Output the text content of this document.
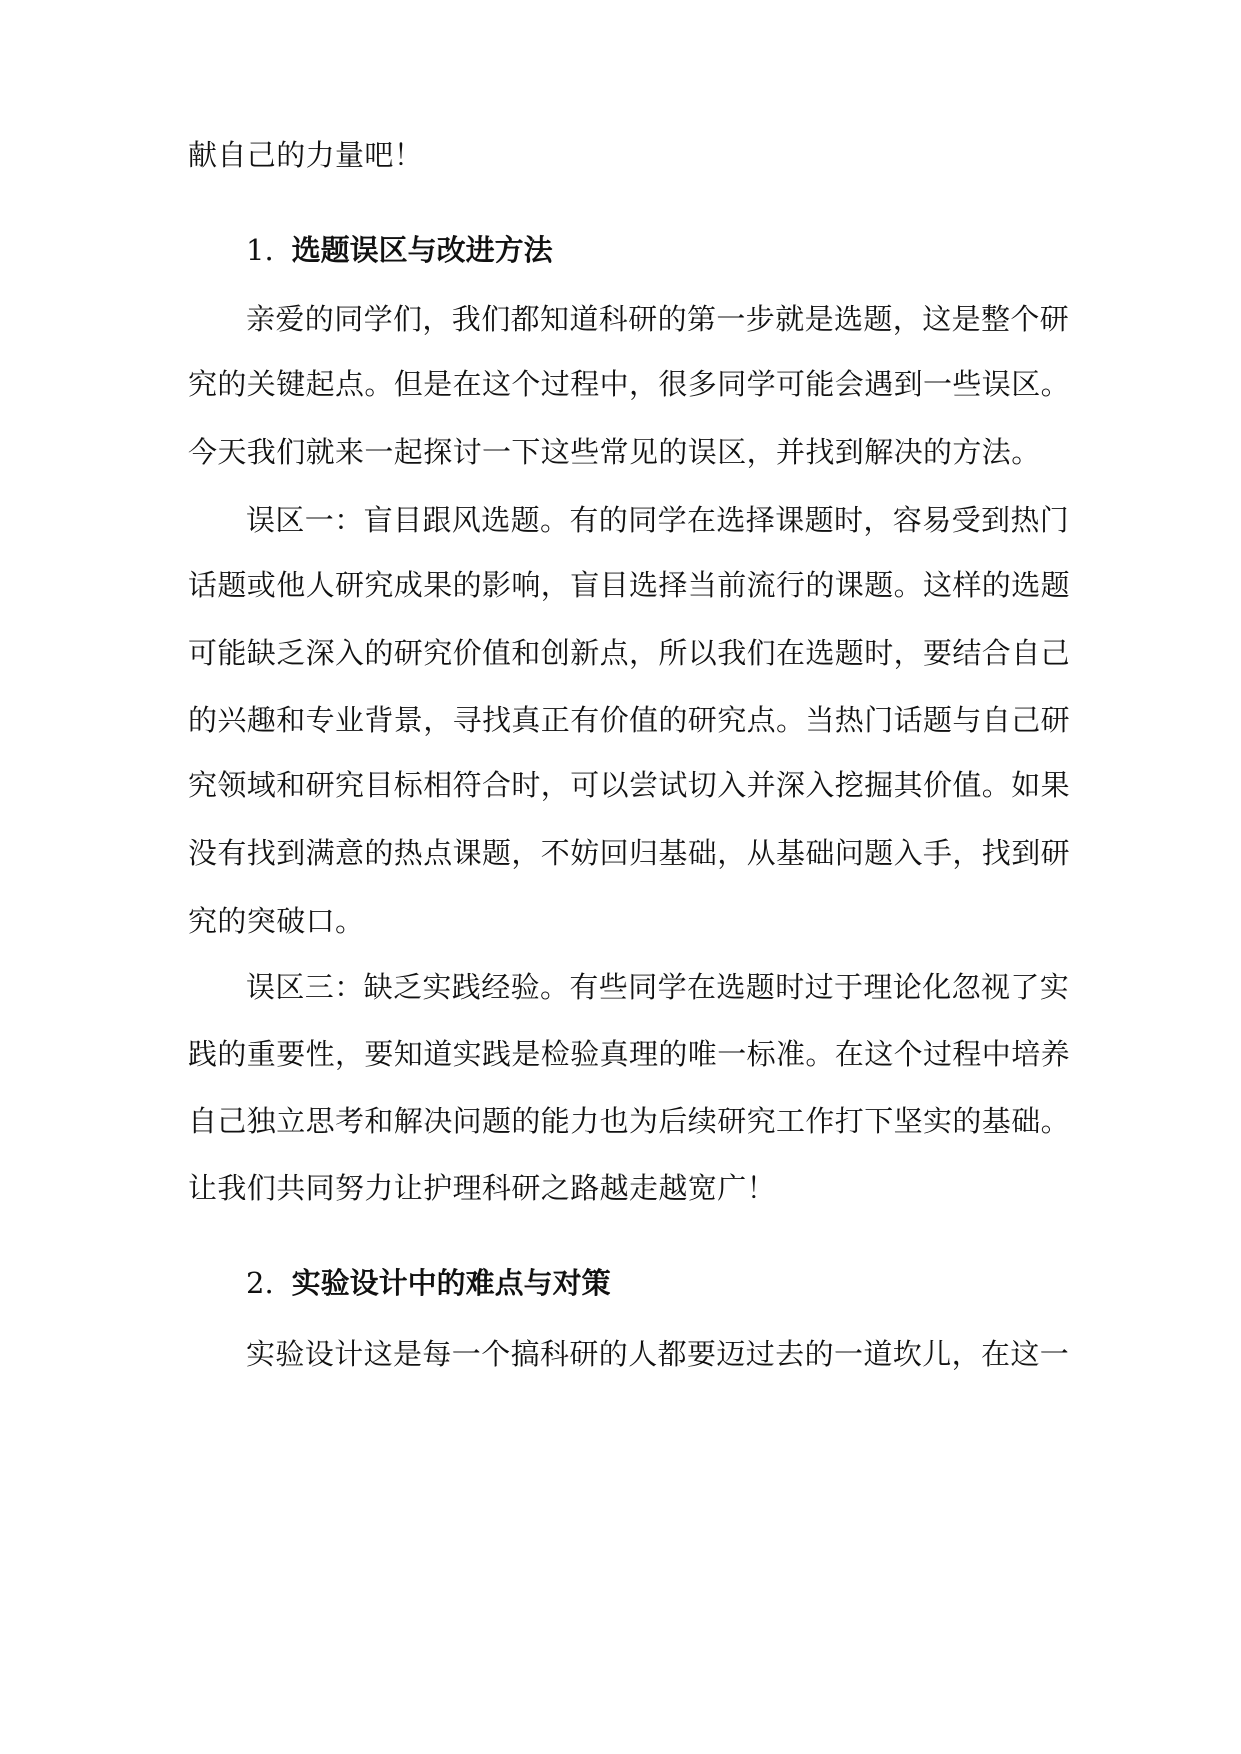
献自己的力量吧！
1. 选题误区与改进方法
亲爱的同学们，我们都知道科研的第一步就是选题，这是整个研
究的关键起点。但是在这个过程中，很多同学可能会遇到一些误区。
今天我们就来一起探讨一下这些常见的误区，并找到解决的方法。
误区一：盲目跟风选题。有的同学在选择课题时，容易受到热门
话题或他人研究成果的影响，盲目选择当前流行的课题。这样的选题
可能缺乏深入的研究价值和创新点，所以我们在选题时，要结合自己
的兴趣和专业背景，寻找真正有价值的研究点。当热门话题与自己研
究领域和研究目标相符合时，可以尝试切入并深入挖掘其价值。如果
没有找到满意的热点课题，不妨回归基础，从基础问题入手，找到研
究的突破口。
误区三：缺乏实践经验。有些同学在选题时过于理论化忽视了实
践的重要性，要知道实践是检验真理的唯一标准。在这个过程中培养
自己独立思考和解决问题的能力也为后续研究工作打下坚实的基础。
让我们共同努力让护理科研之路越走越宽广！
2. 实验设计中的难点与对策
实验设计这是每一个搞科研的人都要迈过去的一道坎儿，在这一
